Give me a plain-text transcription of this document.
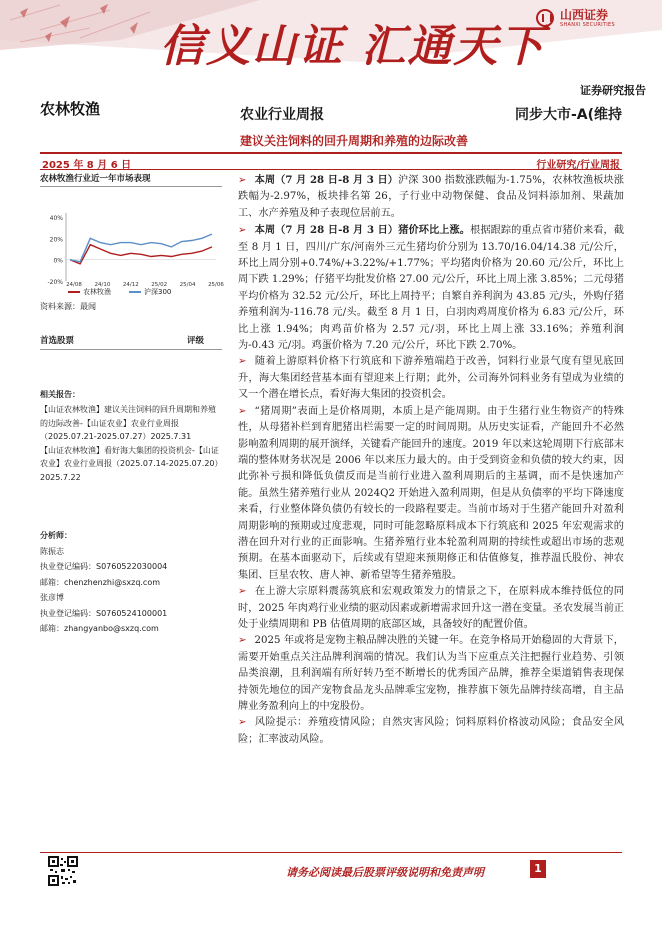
信义山证 汇通天下
山西证券
SHANXI SECURITIES
证券研究报告
农林牧渔	农业行业周报	同步大市-A(维持
建议关注饲料的回升周期和养殖的边际改善
2025 年 8 月 6 日	行业研究/行业周报
农林牧渔行业近一年市场表现
40%
20%
0%
-20% 24/08 24/10 24/12 25/02 25/04 25/06
农林牧渔	沪深300
资料来源：最闻
首选股票	评级
相关报告：

【山证农林牧渔】建议关注饲料的回升周期和养殖的边际改善-【山证农业】农业行业周报（2025.07.21-2025.07.27）2025.7.31

【山证农林牧渔】看好海大集团的投资机会-【山证农业】农业行业周报（2025.07.14-2025.07.20）2025.7.22

分析师：
陈振志
执业登记编码：S0760522030004
邮箱：chenzhenzhi@sxzq.com
张彦博
执业登记编码：S0760524100001
邮箱：zhangyanbo@sxzq.com

➢ 本周（7 月 28 日-8 月 3 日）沪深 300 指数涨跌幅为-1.75%，农林牧渔板块涨跌幅为-2.97%，板块排名第 26，子行业中动物保健、食品及饲料添加剂、果蔬加工、水产养殖及种子表现位居前五。

➢ 本周（7 月 28 日-8 月 3 日）猪价环比上涨。根据跟踪的重点省市猪价来看，截至 8 月 1 日，四川/广东/河南外三元生猪均价分别为 13.70/16.04/14.38 元/公斤，环比上周分别+0.74%/+3.22%/+1.77%；平均猪肉价格为 20.60 元/公斤，环比上周下跌 1.29%；仔猪平均批发价格 27.00 元/公斤，环比上周上涨 3.85%；二元母猪平均价格为 32.52 元/公斤，环比上周持平；自繁自养利润为 43.85 元/头，外购仔猪养殖利润为-116.78 元/头。截至 8 月 1 日，白羽肉鸡周度价格为 6.83 元/公斤，环比上涨 1.94%；肉鸡苗价格为 2.57 元/羽，环比上周上涨 33.16%；养殖利润为-0.43 元/羽。鸡蛋价格为 7.20 元/公斤，环比下跌 2.70%。

➢ 随着上游原料价格下行筑底和下游养殖端趋于改善，饲料行业景气度有望见底回升，海大集团经营基本面有望迎来上行期；此外，公司海外饲料业务有望成为业绩的又一个潜在增长点，看好海大集团的投资机会。

➢ “猪周期”表面上是价格周期，本质上是产能周期。由于生猪行业生物资产的特殊性，从母猪补栏到育肥猪出栏需要一定的时间周期。从历史实证看，产能回升不必然影响盈利周期的展开演绎，关键看产能回升的速度。2019 年以来这轮周期下行底部末端的整体财务状况是 2006 年以来压力最大的。由于受到资金和负债的较大约束，因此弥补亏损和降低负债反而是当前行业进入盈利周期后的主基调，而不是快速加产能。虽然生猪养殖行业从 2024Q2 开始进入盈利周期，但是从负债率的平均下降速度来看，行业整体降负债仍有较长的一段路程要走。当前市场对于生猪产能回升对盈利周期影响的预期或过度悲观，同时可能忽略原料成本下行筑底和 2025 年宏观需求的潜在回升对行业的正面影响。生猪养殖行业本轮盈利周期的持续性或超出市场的悲观预期。在基本面驱动下，后续或有望迎来预期修正和估值修复，推荐温氏股份、神农集团、巨星农牧、唐人神、新希望等生猪养殖股。

➢ 在上游大宗原料震荡筑底和宏观政策发力的情景之下，在原料成本维持低位的同时，2025 年肉鸡行业业绩的驱动因素或新增需求回升这一潜在变量。圣农发展当前正处于业绩周期和 PB 估值周期的底部区域，具备较好的配置价值。

➢ 2025 年或将是宠物主粮品牌决胜的关键一年。在竞争格局开始稳固的大背景下，需要开始重点关注品牌利润端的情况。我们认为当下应重点关注把握行业趋势、引领品类浪潮，且利润端有所好转乃至不断增长的优秀国产品牌，推荐全渠道销售表现保持领先地位的国产宠物食品龙头品牌乖宝宠物，推荐旗下领先品牌持续高增，自主品牌业务盈利向上的中宠股份。

➢ 风险提示：养殖疫情风险；自然灾害风险；饲料原料价格波动风险；食品安全风险；汇率波动风险。

请务必阅读最后股票评级说明和免责声明	1
